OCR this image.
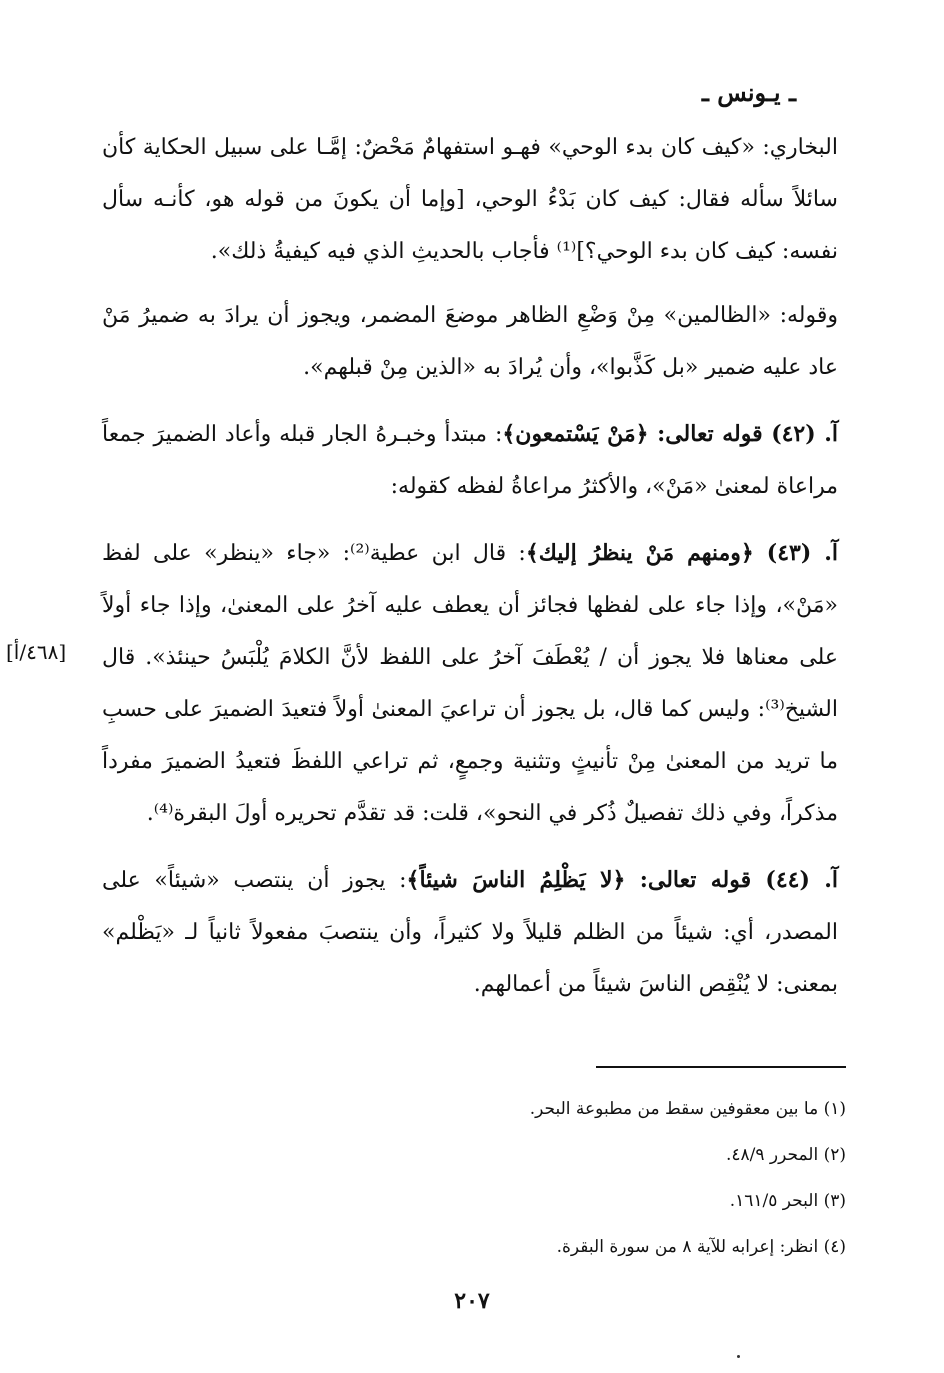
ـ يـونس ـ

البخاري: «كيف كان بدء الوحي» فهـو استفهامٌ مَحْضٌ: إمَّـا على سبيل الحكاية كأن سائلاً سأله فقال: كيف كان بَدْءُ الوحي، [وإما أن يكونَ من قوله هو، كأنـه سأل نفسه: كيف كان بدء الوحي؟]⁽¹⁾ فأجاب بالحديثِ الذي فيه كيفيةُ ذلك».

وقوله: «الظالمين» مِنْ وَضْعِ الظاهر موضعَ المضمر، ويجوز أن يرادَ به ضميرُ مَنْ عاد عليه ضمير «بل كَذَّبوا»، وأن يُرادَ به «الذين مِنْ قبلهم».

آ. (٤٢) قوله تعالى: ﴿مَنْ يَسْتمعون﴾: مبتدأ وخبـرهُ الجار قبله وأعاد الضميرَ جمعاً مراعاة لمعنىٰ «مَنْ»، والأكثرُ مراعاةُ لفظه كقوله:

آ. (٤٣) ﴿ومنهم مَنْ ينظرُ إليك﴾: قال ابن عطية⁽²⁾: «جاء «ينظر» على لفظ «مَنْ»، وإذا جاء على لفظها فجائز أن يعطف عليه آخرُ على المعنىٰ، وإذا جاء أولاً على معناها فلا يجوز أن / يُعْطَفَ آخرُ على اللفظ لأنَّ الكلامَ يُلْبَسُ حينئذ». قال الشيخ⁽³⁾: وليس كما قال، بل يجوز أن تراعيَ المعنىٰ أولاً فتعيدَ الضميرَ على حسبِ ما تريد من المعنىٰ مِنْ تأنيثٍ وتثنية وجمعٍ، ثم تراعي اللفظَ فتعيدُ الضميرَ مفرداً مذكراً، وفي ذلك تفصيلٌ ذُكر في النحو»، قلت: قد تقدَّم تحريره أولَ البقرة⁽⁴⁾.

آ. (٤٤) قوله تعالى: ﴿لا يَظْلِمُ الناسَ شيئاً﴾: يجوز أن ينتصب «شيئاً» على المصدر، أي: شيئاً من الظلم قليلاً ولا كثيراً، وأن ينتصبَ مفعولاً ثانياً لـ «يَظْلم» بمعنى: لا يُنْقِص الناسَ شيئاً من أعمالهم.

[٤٦٨/أ]
(١) ما بين معقوفين سقط من مطبوعة البحر.
(٢) المحرر ٤٨/٩.
(٣) البحر ١٦١/٥.
(٤) انظر: إعرابه للآية ٨ من سورة البقرة.
٢٠٧
